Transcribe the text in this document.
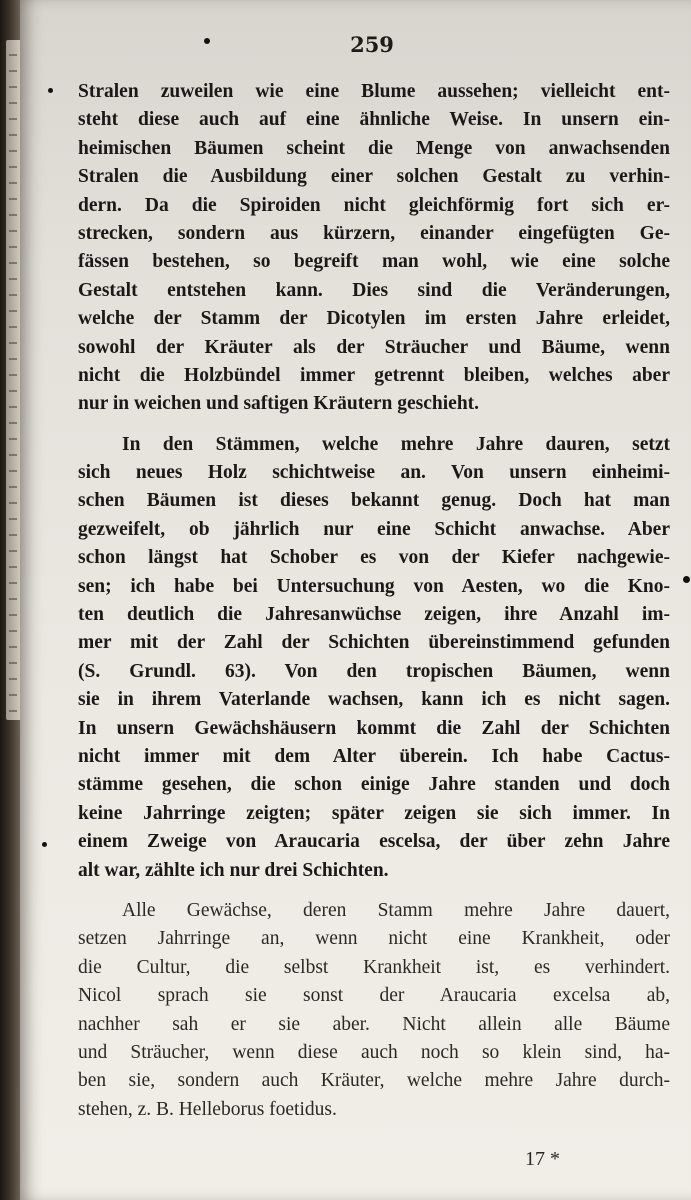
259
Stralen zuweilen wie eine Blume aussehen; vielleicht ent-
steht diese auch auf eine ähnliche Weise. In unsern ein-
heimischen Bäumen scheint die Menge von anwachsenden
Stralen die Ausbildung einer solchen Gestalt zu verhin-
dern. Da die Spiroiden nicht gleichförmig fort sich er-
strecken, sondern aus kürzern, einander eingefügten Ge-
fässen bestehen, so begreift man wohl, wie eine solche
Gestalt entstehen kann. Dies sind die Veränderungen,
welche der Stamm der Dicotylen im ersten Jahre erleidet,
sowohl der Kräuter als der Sträucher und Bäume, wenn
nicht die Holzbündel immer getrennt bleiben, welches aber
nur in weichen und saftigen Kräutern geschieht.
In den Stämmen, welche mehre Jahre dauren, setzt
sich neues Holz schichtweise an. Von unsern einheimi-
schen Bäumen ist dieses bekannt genug. Doch hat man
gezweifelt, ob jährlich nur eine Schicht anwachse. Aber
schon längst hat Schober es von der Kiefer nachgewie-
sen; ich habe bei Untersuchung von Aesten, wo die Kno-
ten deutlich die Jahresanwüchse zeigen, ihre Anzahl im-
mer mit der Zahl der Schichten übereinstimmend gefunden
(S. Grundl. 63). Von den tropischen Bäumen, wenn
sie in ihrem Vaterlande wachsen, kann ich es nicht sagen.
In unsern Gewächshäusern kommt die Zahl der Schichten
nicht immer mit dem Alter überein. Ich habe Cactus-
stämme gesehen, die schon einige Jahre standen und doch
keine Jahrringe zeigten; später zeigen sie sich immer. In
einem Zweige von Araucaria escelsa, der über zehn Jahre
alt war, zählte ich nur drei Schichten.
Alle Gewächse, deren Stamm mehre Jahre dauert,
setzen Jahrringe an, wenn nicht eine Krankheit, oder
die Cultur, die selbst Krankheit ist, es verhindert.
Nicol sprach sie sonst der Araucaria excelsa ab,
nachher sah er sie aber. Nicht allein alle Bäume
und Sträucher, wenn diese auch noch so klein sind, ha-
ben sie, sondern auch Kräuter, welche mehre Jahre durch-
stehen, z. B. Helleborus foetidus.
17 *
